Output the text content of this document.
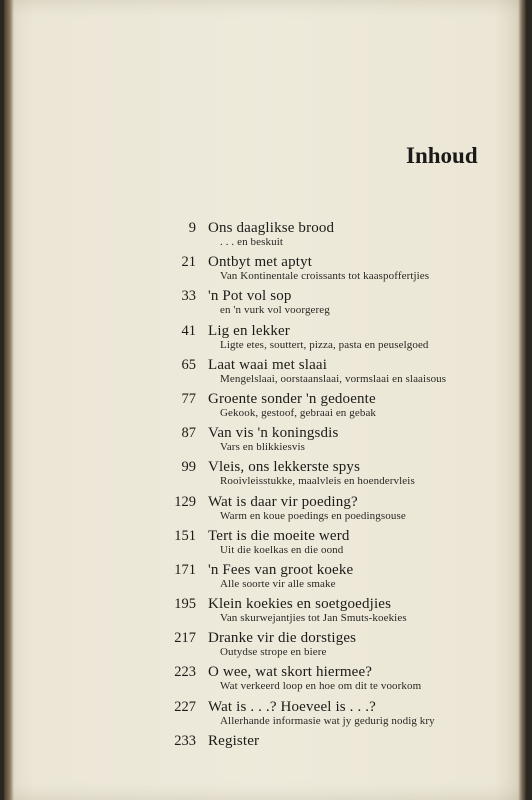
Inhoud
9 Ons daaglikse brood
. . . en beskuit
21 Ontbyt met aptyt
Van Kontinentale croissants tot kaaspoffertjies
33 'n Pot vol sop
en 'n vurk vol voorgereg
41 Lig en lekker
Ligte etes, souttert, pizza, pasta en peuselgoed
65 Laat waai met slaai
Mengelslaai, oorstaanslaai, vormslaai en slaaisous
77 Groente sonder 'n gedoente
Gekook, gestoof, gebraai en gebak
87 Van vis 'n koningsdis
Vars en blikkiesvis
99 Vleis, ons lekkerste spys
Rooivleisstukke, maalvleis en hoendervleis
129 Wat is daar vir poeding?
Warm en koue poedings en poedingsouse
151 Tert is die moeite werd
Uit die koelkas en die oond
171 'n Fees van groot koeke
Alle soorte vir alle smake
195 Klein koekies en soetgoedjies
Van skurwejantjies tot Jan Smuts-koekies
217 Dranke vir die dorstiges
Outydse strope en biere
223 O wee, wat skort hiermee?
Wat verkeerd loop en hoe om dit te voorkom
227 Wat is . . .? Hoeveel is . . .?
Allerhande informasie wat jy gedurig nodig kry
233 Register
